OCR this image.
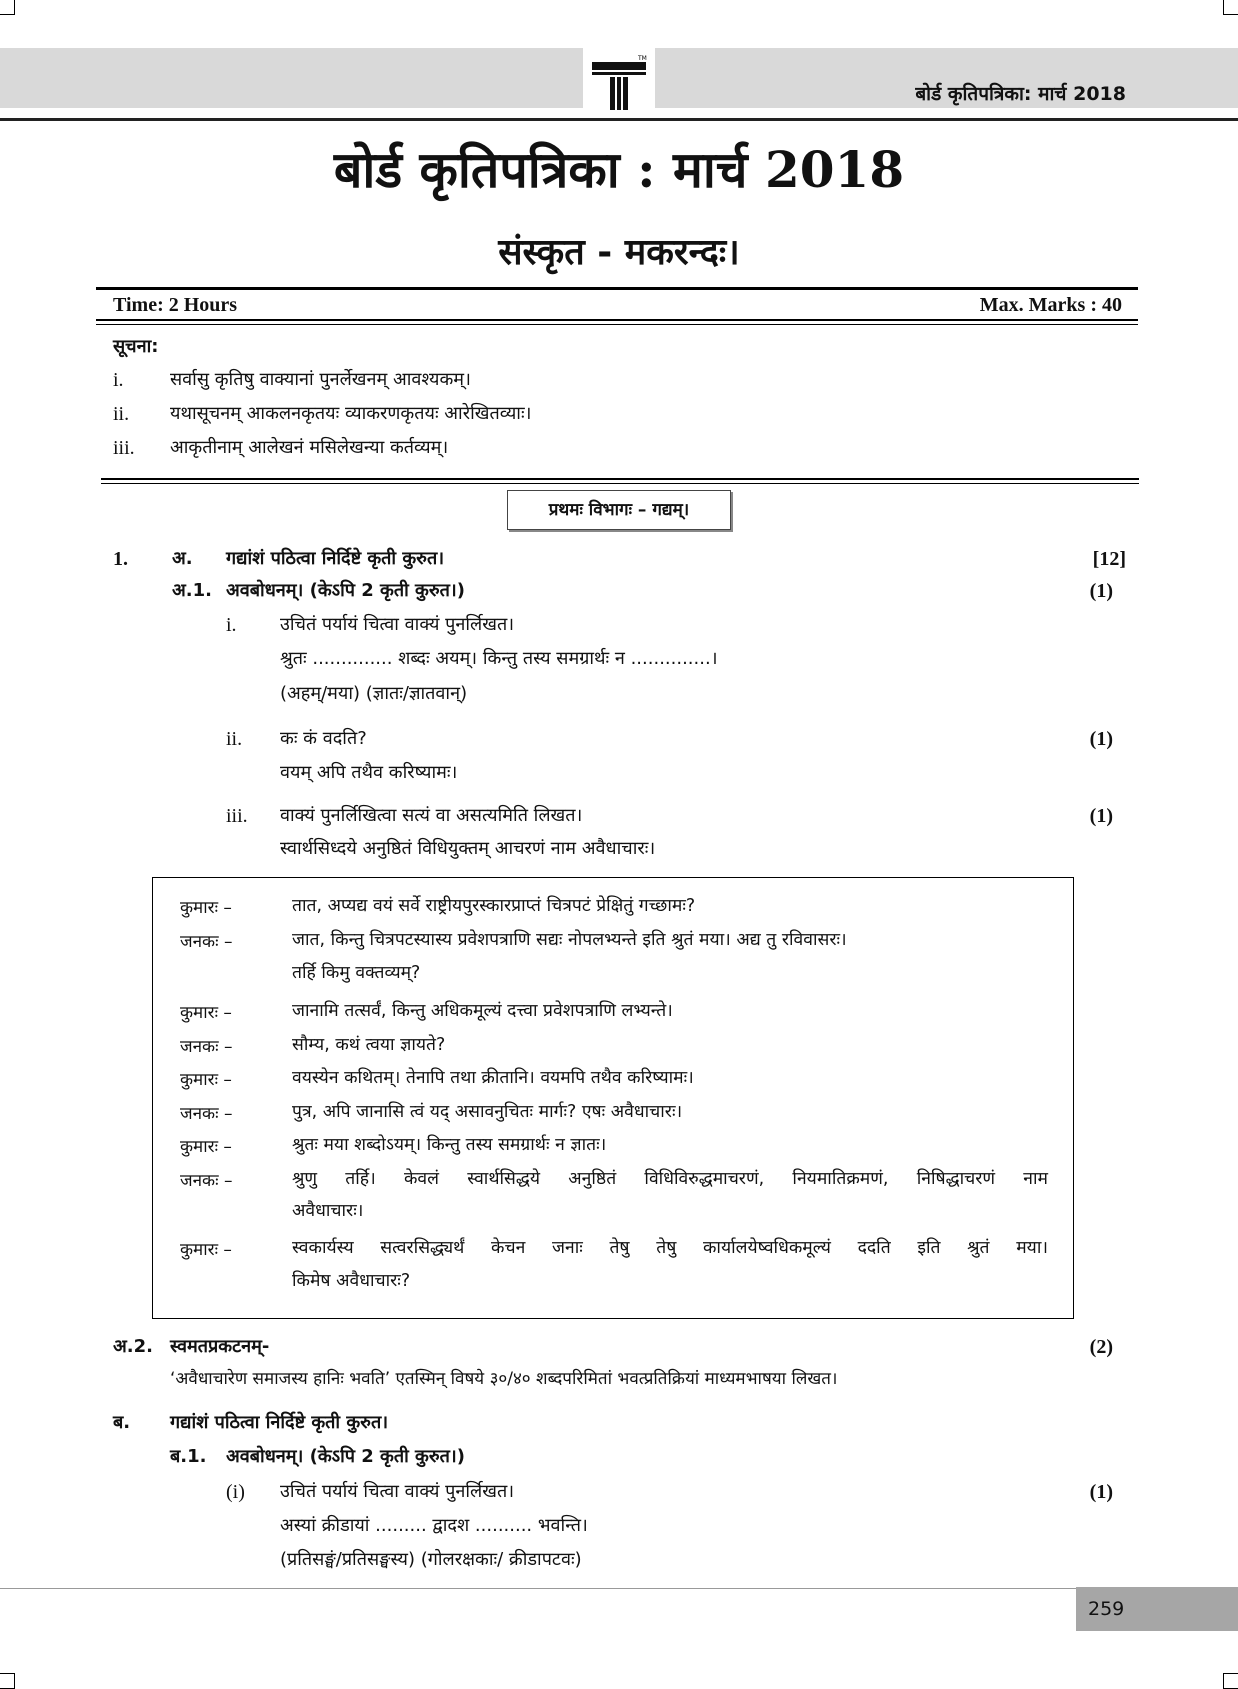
TM
बोर्ड कृतिपत्रिका: मार्च 2018
बोर्ड कृतिपत्रिका : मार्च 2018
संस्कृत - मकरन्दः।
Time: 2 Hours	Max. Marks : 40
सूचना:
i.	सर्वासु कृतिषु वाक्यानां पुनर्लेखनम् आवश्यकम्।
ii. यथासूचनम् आकलनकृतयः व्याकरणकृतयः आरेखितव्याः।
iii. आकृतीनाम् आलेखनं मसिलेखन्या कर्तव्यम्।
प्रथमः विभागः – गद्यम्।
1. अ. गद्यांशं पठित्वा निर्दिष्टे कृती कुरुत।	[12]
अ.1. अवबोधनम्। (केऽपि 2 कृती कुरुत।)	(1)
i. उचितं पर्यायं चित्वा वाक्यं पुनर्लिखत।
श्रुतः .............. शब्दः अयम्। किन्तु तस्य समग्रार्थः न ..............।
(अहम्/मया) (ज्ञातः/ज्ञातवान्)
ii. कः कं वदति?	(1)
वयम् अपि तथैव करिष्यामः।
iii. वाक्यं पुनर्लिखित्वा सत्यं वा असत्यमिति लिखत।	(1)
स्वार्थसिध्दये अनुष्ठितं विधियुक्तम् आचरणं नाम अवैधाचारः।
कुमारः –	तात, अप्यद्य वयं सर्वे राष्ट्रीयपुरस्कारप्राप्तं चित्रपटं प्रेक्षितुं गच्छामः?
जनकः –	जात, किन्तु चित्रपटस्यास्य प्रवेशपत्राणि सद्यः नोपलभ्यन्ते इति श्रुतं मया। अद्य तु रविवासरः।
तर्हि किमु वक्तव्यम्?
कुमारः –	जानामि तत्सर्वं, किन्तु अधिकमूल्यं दत्त्वा प्रवेशपत्राणि लभ्यन्ते।
जनकः –	सौम्य, कथं त्वया ज्ञायते?
कुमारः –	वयस्येन कथितम्। तेनापि तथा क्रीतानि। वयमपि तथैव करिष्यामः।
जनकः –	पुत्र, अपि जानासि त्वं यद् असावनुचितः मार्गः? एषः अवैधाचारः।
कुमारः –	श्रुतः मया शब्दोऽयम्। किन्तु तस्य समग्रार्थः न ज्ञातः।
जनकः –	श्रुणु तर्हि। केवलं स्वार्थसिद्धये अनुष्ठितं विधिविरुद्धमाचरणं, नियमातिक्रमणं, निषिद्धाचरणं नाम
अवैधाचारः।
कुमारः –	स्वकार्यस्य सत्वरसिद्ध्यर्थं केचन जनाः तेषु तेषु कार्यालयेष्वधिकमूल्यं ददति इति श्रुतं मया।
किमेष अवैधाचारः?
अ.2. स्वमतप्रकटनम्-	(2)
‘अवैधाचारेण समाजस्य हानिः भवति’ एतस्मिन् विषये ३०/४० शब्दपरिमितां भवत्प्रतिक्रियां माध्यमभाषया लिखत।
ब. गद्यांशं पठित्वा निर्दिष्टे कृती कुरुत।
ब.1. अवबोधनम्। (केऽपि 2 कृती कुरुत।)
(i) उचितं पर्यायं चित्वा वाक्यं पुनर्लिखत।	(1)
अस्यां क्रीडायां ......... द्वादश .......... भवन्ति।
(प्रतिसङ्घं/प्रतिसङ्घस्य) (गोलरक्षकाः/ क्रीडापटवः)
259
